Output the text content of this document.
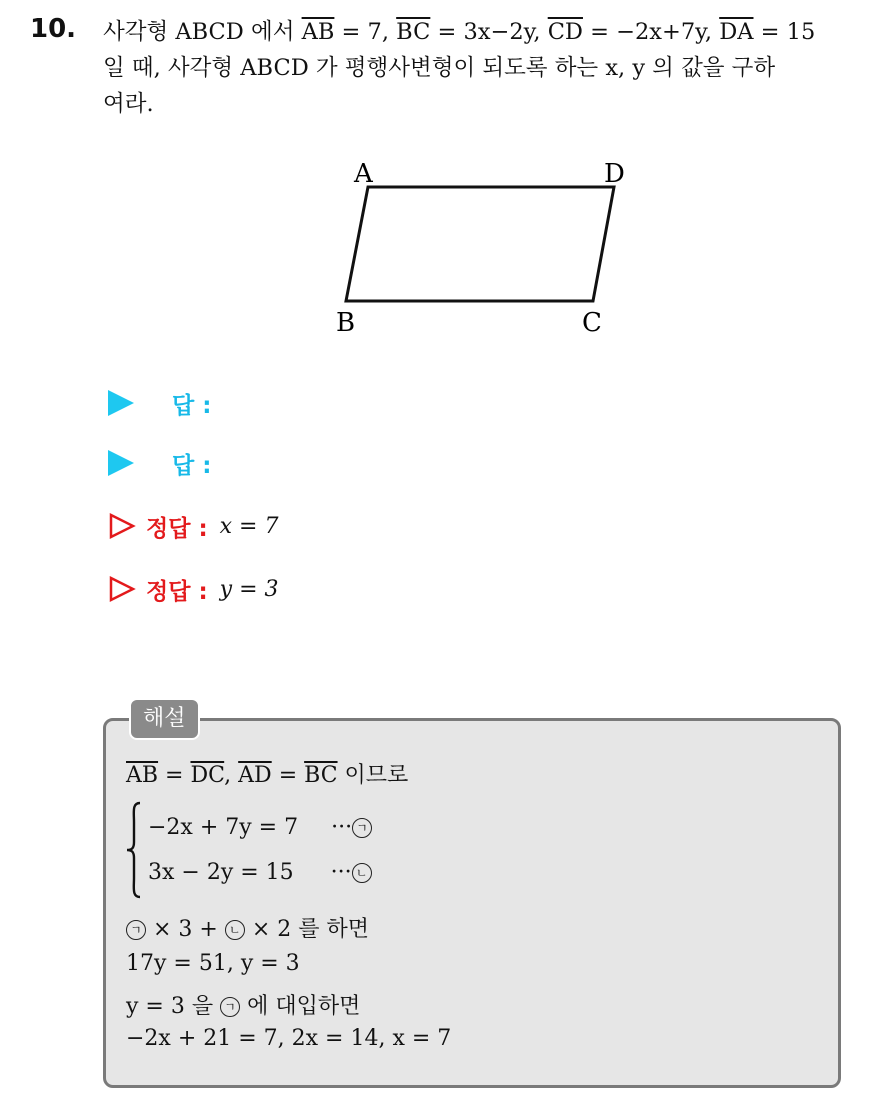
10. 사각형 ABCD 에서 $\overline{AB} = 7$, $\overline{BC} = 3x-2y$, $\overline{CD} = -2x+7y$, $\overline{DA} = 15$
일 때, 사각형 ABCD 가 평행사변형이 되도록 하는 x, y 의 값을 구하
여라.
A	D
B	C
답 :
답 :
정답 : x = 7
정답 : y = 3
해설
$\overline{AB} = \overline{DC}$, $\overline{AD} = \overline{BC}$ 이므로
−2x + 7y = 7 ··· ㄱ
3x − 2y = 15 ··· ㄴ
ㄱ × 3 + ㄴ × 2 를 하면
17y = 51, y = 3
y = 3 을 ㄱ 에 대입하면
−2x + 21 = 7, 2x = 14, x = 7
